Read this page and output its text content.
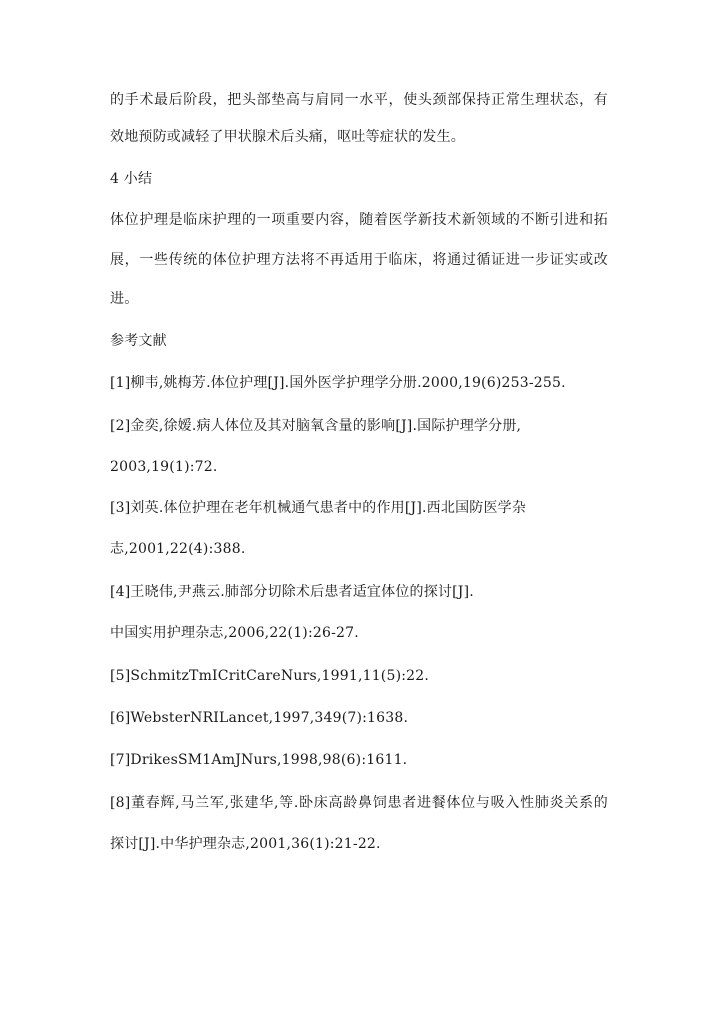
的手术最后阶段，把头部垫高与肩同一水平，使头颈部保持正常生理状态，有
效地预防或减轻了甲状腺术后头痛，呕吐等症状的发生。
4 小结
体位护理是临床护理的一项重要内容，随着医学新技术新领域的不断引进和拓
展，一些传统的体位护理方法将不再适用于临床，将通过循证进一步证实或改
进。
参考文献
[1]柳韦,姚梅芳.体位护理[J].国外医学护理学分册.2000,19(6)253-255.
[2]金奕,徐嫒.病人体位及其对脑氧含量的影响[J].国际护理学分册,
2003,19(1):72.
[3]刘英.体位护理在老年机械通气患者中的作用[J].西北国防医学杂
志,2001,22(4):388.
[4]王晓伟,尹燕云.肺部分切除术后患者适宜体位的探讨[J].
中国实用护理杂志,2006,22(1):26-27.
[5]SchmitzTmICritCareNurs,1991,11(5):22.
[6]WebsterNRILancet,1997,349(7):1638.
[7]DrikesSM1AmJNurs,1998,98(6):1611.
[8]董春辉,马兰军,张建华,等.卧床高龄鼻饲患者进餐体位与吸入性肺炎关系的
探讨[J].中华护理杂志,2001,36(1):21-22.
